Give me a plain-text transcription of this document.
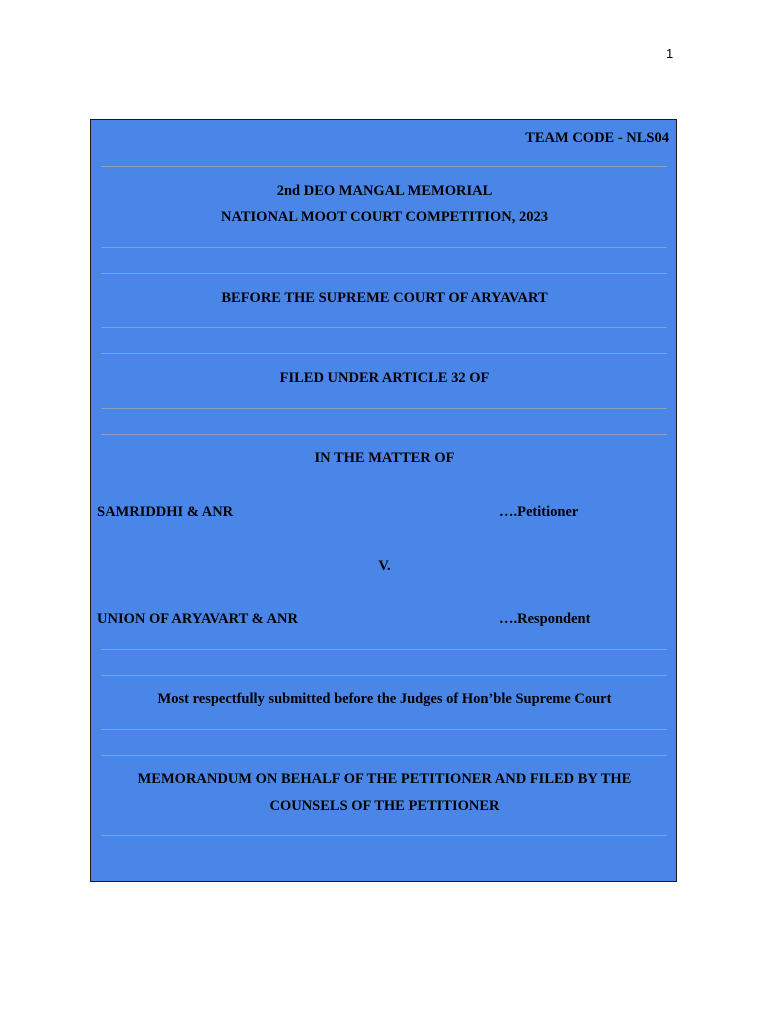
1
TEAM CODE - NLS04
2nd DEO MANGAL MEMORIAL
NATIONAL MOOT COURT COMPETITION, 2023
BEFORE THE SUPREME COURT OF ARYAVART
FILED UNDER ARTICLE 32 OF
IN THE MATTER OF
SAMRIDDHI & ANR	….Petitioner
V.
UNION OF ARYAVART & ANR	….Respondent
Most respectfully submitted before the Judges of Hon’ble Supreme Court
MEMORANDUM ON BEHALF OF THE PETITIONER AND FILED BY THE
COUNSELS OF THE PETITIONER
